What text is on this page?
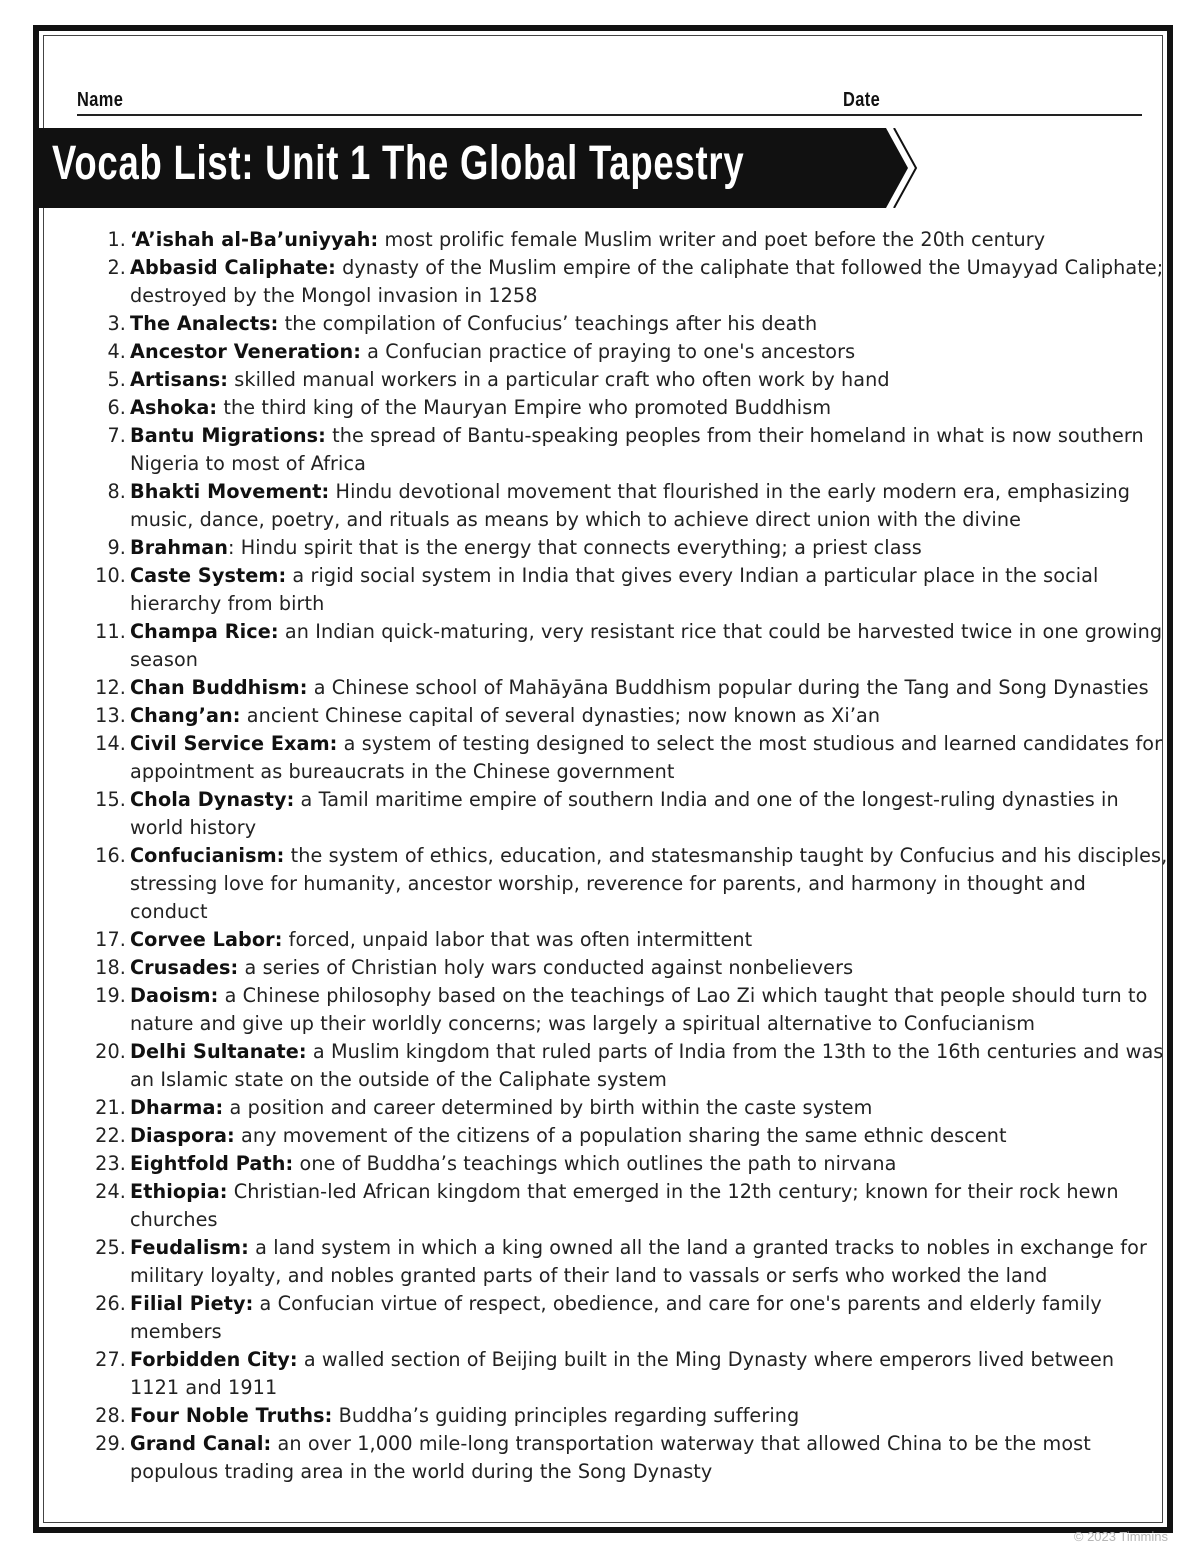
Name	Date
Vocab List: Unit 1 The Global Tapestry
1. ‘A’ishah al-Ba’uniyyah: most prolific female Muslim writer and poet before the 20th century
2. Abbasid Caliphate: dynasty of the Muslim empire of the caliphate that followed the Umayyad Caliphate; destroyed by the Mongol invasion in 1258
3. The Analects: the compilation of Confucius’ teachings after his death
4. Ancestor Veneration: a Confucian practice of praying to one's ancestors
5. Artisans: skilled manual workers in a particular craft who often work by hand
6. Ashoka: the third king of the Mauryan Empire who promoted Buddhism
7. Bantu Migrations: the spread of Bantu-speaking peoples from their homeland in what is now southern Nigeria to most of Africa
8. Bhakti Movement: Hindu devotional movement that flourished in the early modern era, emphasizing music, dance, poetry, and rituals as means by which to achieve direct union with the divine
9. Brahman: Hindu spirit that is the energy that connects everything; a priest class
10. Caste System: a rigid social system in India that gives every Indian a particular place in the social hierarchy from birth
11. Champa Rice: an Indian quick-maturing, very resistant rice that could be harvested twice in one growing season
12. Chan Buddhism: a Chinese school of Mahāyāna Buddhism popular during the Tang and Song Dynasties
13. Chang’an: ancient Chinese capital of several dynasties; now known as Xi’an
14. Civil Service Exam: a system of testing designed to select the most studious and learned candidates for appointment as bureaucrats in the Chinese government
15. Chola Dynasty: a Tamil maritime empire of southern India and one of the longest-ruling dynasties in world history
16. Confucianism: the system of ethics, education, and statesmanship taught by Confucius and his disciples, stressing love for humanity, ancestor worship, reverence for parents, and harmony in thought and conduct
17. Corvee Labor: forced, unpaid labor that was often intermittent
18. Crusades: a series of Christian holy wars conducted against nonbelievers
19. Daoism: a Chinese philosophy based on the teachings of Lao Zi which taught that people should turn to nature and give up their worldly concerns; was largely a spiritual alternative to Confucianism
20. Delhi Sultanate: a Muslim kingdom that ruled parts of India from the 13th to the 16th centuries and was an Islamic state on the outside of the Caliphate system
21. Dharma: a position and career determined by birth within the caste system
22. Diaspora: any movement of the citizens of a population sharing the same ethnic descent
23. Eightfold Path: one of Buddha’s teachings which outlines the path to nirvana
24. Ethiopia: Christian-led African kingdom that emerged in the 12th century; known for their rock hewn churches
25. Feudalism: a land system in which a king owned all the land a granted tracks to nobles in exchange for military loyalty, and nobles granted parts of their land to vassals or serfs who worked the land
26. Filial Piety: a Confucian virtue of respect, obedience, and care for one's parents and elderly family members
27. Forbidden City: a walled section of Beijing built in the Ming Dynasty where emperors lived between 1121 and 1911
28. Four Noble Truths: Buddha’s guiding principles regarding suffering
29. Grand Canal: an over 1,000 mile-long transportation waterway that allowed China to be the most populous trading area in the world during the Song Dynasty
© 2023 Timmins
